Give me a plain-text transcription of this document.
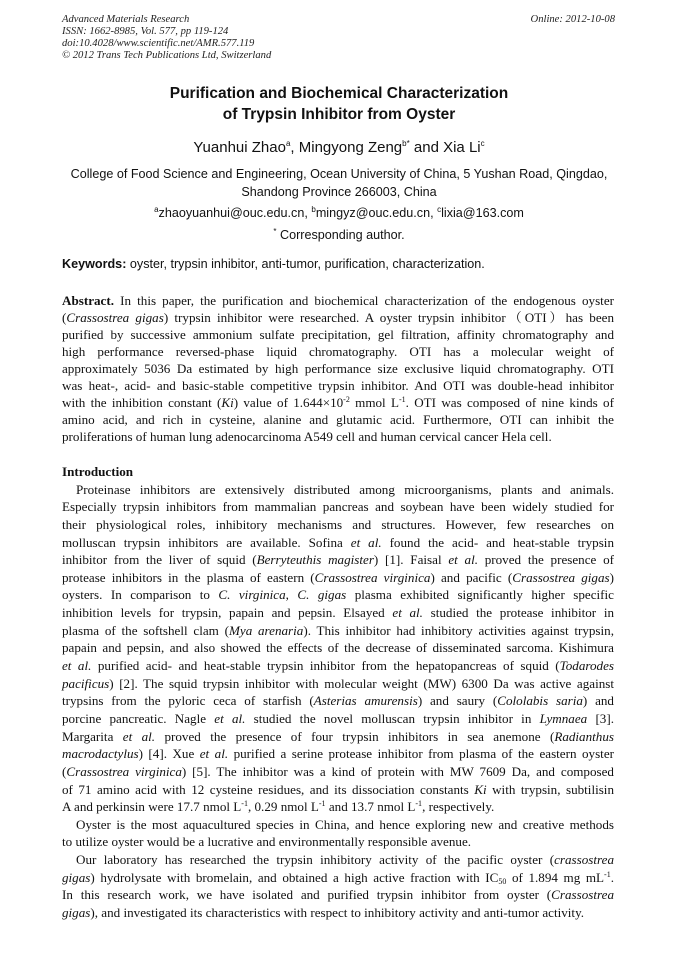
Advanced Materials Research
ISSN: 1662-8985, Vol. 577, pp 119-124
doi:10.4028/www.scientific.net/AMR.577.119
© 2012 Trans Tech Publications Ltd, Switzerland
Online: 2012-10-08
Purification and Biochemical Characterization
of Trypsin Inhibitor from Oyster
Yuanhui Zhao$^a$, Mingyong Zeng$^{b*}$ and Xia Li$^c$
College of Food Science and Engineering, Ocean University of China, 5 Yushan Road, Qingdao,
Shandong Province 266003, China
$^a$zhaoyuanhui@ouc.edu.cn, $^b$mingyz@ouc.edu.cn, $^c$lixia@163.com
* Corresponding author.
Keywords: oyster, trypsin inhibitor, anti-tumor, purification, characterization.
Abstract. In this paper, the purification and biochemical characterization of the endogenous oyster
(Crassostrea gigas) trypsin inhibitor were researched. A oyster trypsin inhibitor（OTI）has been
purified by successive ammonium sulfate precipitation, gel filtration, affinity chromatography and
high performance reversed-phase liquid chromatography. OTI has a molecular weight of
approximately 5036 Da estimated by high performance size exclusive liquid chromatography. OTI
was heat-, acid- and basic-stable competitive trypsin inhibitor. And OTI was double-head inhibitor
with the inhibition constant (Ki) value of $1.644\times 10^{-2}$ mmol $L^{-1}$. OTI was composed of nine kinds of
amino acid, and rich in cysteine, alanine and glutamic acid. Furthermore, OTI can inhibit the
proliferations of human lung adenocarcinoma A549 cell and human cervical cancer Hela cell.
Introduction
Proteinase inhibitors are extensively distributed among microorganisms, plants and animals.
Especially trypsin inhibitors from mammalian pancreas and soybean have been widely studied for
their physiological roles, inhibitory mechanisms and structures. However, few researches on
molluscan trypsin inhibitors are available. Sofina et al. found the acid- and heat-stable trypsin
inhibitor from the liver of squid (Berryteuthis magister) [1]. Faisal et al. proved the presence of
protease inhibitors in the plasma of eastern (Crassostrea virginica) and pacific (Crassostrea gigas)
oysters. In comparison to C. virginica, C. gigas plasma exhibited significantly higher specific
inhibition levels for trypsin, papain and pepsin. Elsayed et al. studied the protease inhibitor in
plasma of the softshell clam (Mya arenaria). This inhibitor had inhibitory activities against trypsin,
papain and pepsin, and also showed the effects of the decrease of disseminated sarcoma. Kishimura
et al. purified acid- and heat-stable trypsin inhibitor from the hepatopancreas of squid (Todarodes
pacificus) [2]. The squid trypsin inhibitor with molecular weight (MW) 6300 Da was active against
trypsins from the pyloric ceca of starfish (Asterias amurensis) and saury (Cololabis saria) and
porcine pancreatic. Nagle et al. studied the novel molluscan trypsin inhibitor in Lymnaea [3].
Margarita et al. proved the presence of four trypsin inhibitors in sea anemone (Radianthus
macrodactylus) [4]. Xue et al. purified a serine protease inhibitor from plasma of the eastern oyster
(Crassostrea virginica) [5]. The inhibitor was a kind of protein with MW 7609 Da, and composed
of 71 amino acid with 12 cysteine residues, and its dissociation constants Ki with trypsin, subtilisin
A and perkinsin were 17.7 nmol $L^{-1}$, 0.29 nmol $L^{-1}$ and 13.7 nmol $L^{-1}$, respectively.
Oyster is the most aquacultured species in China, and hence exploring new and creative methods
to utilize oyster would be a lucrative and environmentally responsible avenue.
Our laboratory has researched the trypsin inhibitory activity of the pacific oyster (crassostrea
gigas) hydrolysate with bromelain, and obtained a high active fraction with IC50 of 1.894 mg $mL^{-1}$.
In this research work, we have isolated and purified trypsin inhibitor from oyster (Crassostrea
gigas), and investigated its characteristics with respect to inhibitory activity and anti-tumor activity.
